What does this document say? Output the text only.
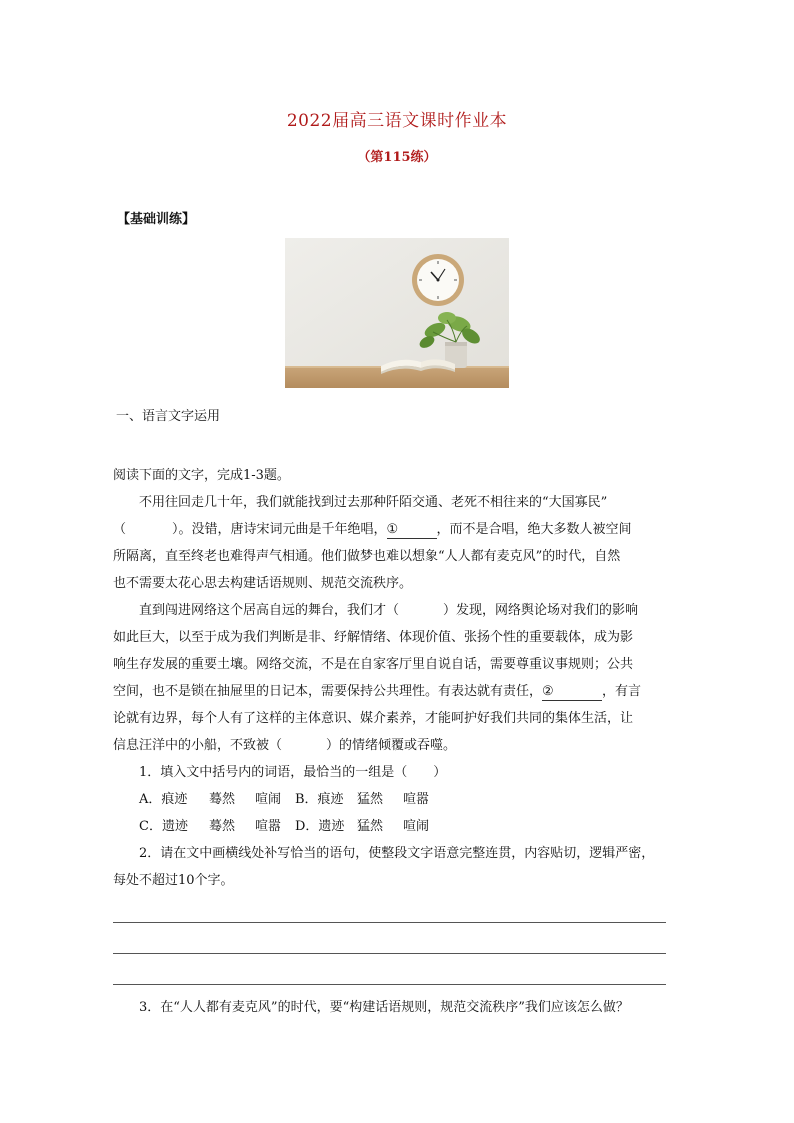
2022届高三语文课时作业本
（第115练）
【基础训练】
一、语言文字运用
阅读下面的文字，完成1-3题。
不用往回走几十年，我们就能找到过去那种阡陌交通、老死不相往来的“大国寡民”
（	）。没错，唐诗宋词元曲是千年绝唱，①	，而不是合唱，绝大多数人被空间
所隔离，直至终老也难得声气相通。他们做梦也难以想象“人人都有麦克风”的时代，自然
也不需要太花心思去构建话语规则、规范交流秩序。
直到闯进网络这个居高自远的舞台，我们才（	）发现，网络舆论场对我们的影响
如此巨大，以至于成为我们判断是非、纾解情绪、体现价值、张扬个性的重要载体，成为影
响生存发展的重要土壤。网络交流，不是在自家客厅里自说自话，需要尊重议事规则；公共
空间，也不是锁在抽屉里的日记本，需要保持公共理性。有表达就有责任，②	，有言
论就有边界，每个人有了这样的主体意识、媒介素养，才能呵护好我们共同的集体生活，让
信息汪洋中的小船，不致被（	）的情绪倾覆或吞噬。
1．填入文中括号内的词语，最恰当的一组是（　　）
A．痕迹 蓦然 喧闹 B．痕迹 猛然 喧嚣
C．遗迹 蓦然 喧嚣 D．遗迹 猛然 喧闹
2．请在文中画横线处补写恰当的语句，使整段文字语意完整连贯，内容贴切，逻辑严密，
每处不超过10个字。
3．在“人人都有麦克风”的时代，要“构建话语规则，规范交流秩序”我们应该怎么做？
